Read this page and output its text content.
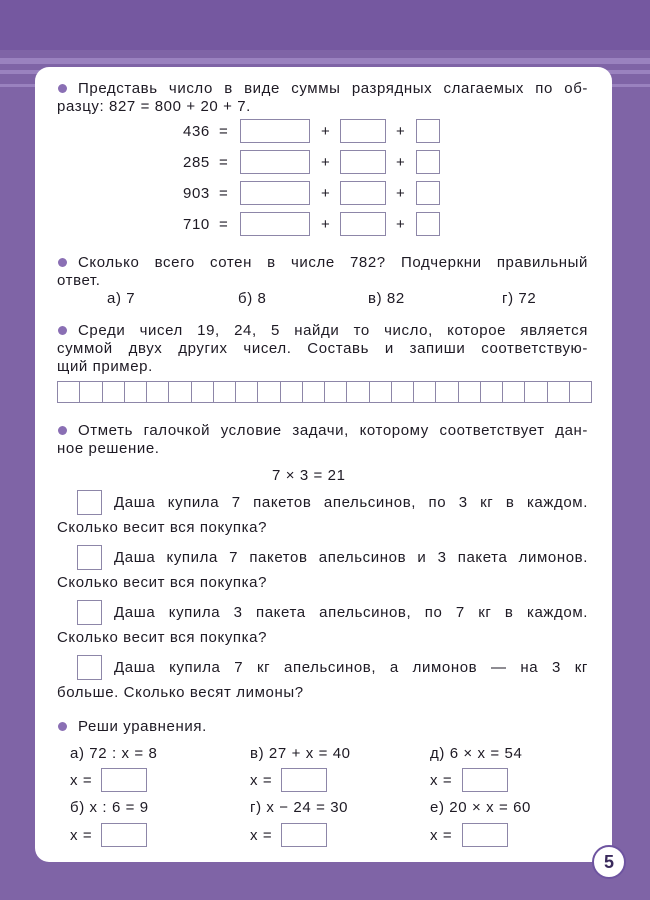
Представь число в виде суммы разрядных слагаемых по об-
разцу: 827 = 800 + 20 + 7.
436 =	+	+
285 =	+	+
903 =	+	+
710 =	+	+
Сколько всего сотен в числе 782? Подчеркни правильный
ответ.
а) 7	б) 8	в) 82	г) 72
Среди чисел 19, 24, 5 найди то число, которое является
суммой двух других чисел. Составь и запиши соответствую-
щий пример.
Отметь галочкой условие задачи, которому соответствует дан-
ное решение.
7 × 3 = 21
Даша купила 7 пакетов апельсинов, по 3 кг в каждом.
Сколько весит вся покупка?
Даша купила 7 пакетов апельсинов и 3 пакета лимонов.
Сколько весит вся покупка?
Даша купила 3 пакета апельсинов, по 7 кг в каждом.
Сколько весит вся покупка?
Даша купила 7 кг апельсинов, а лимонов — на 3 кг
больше. Сколько весят лимоны?
Реши уравнения.
а) 72 : x = 8
x =
в) 27 + x = 40
x =
д) 6 × x = 54
x =
б) x : 6 = 9
x =
г) x − 24 = 30
x =
е) 20 × x = 60
x =
5
